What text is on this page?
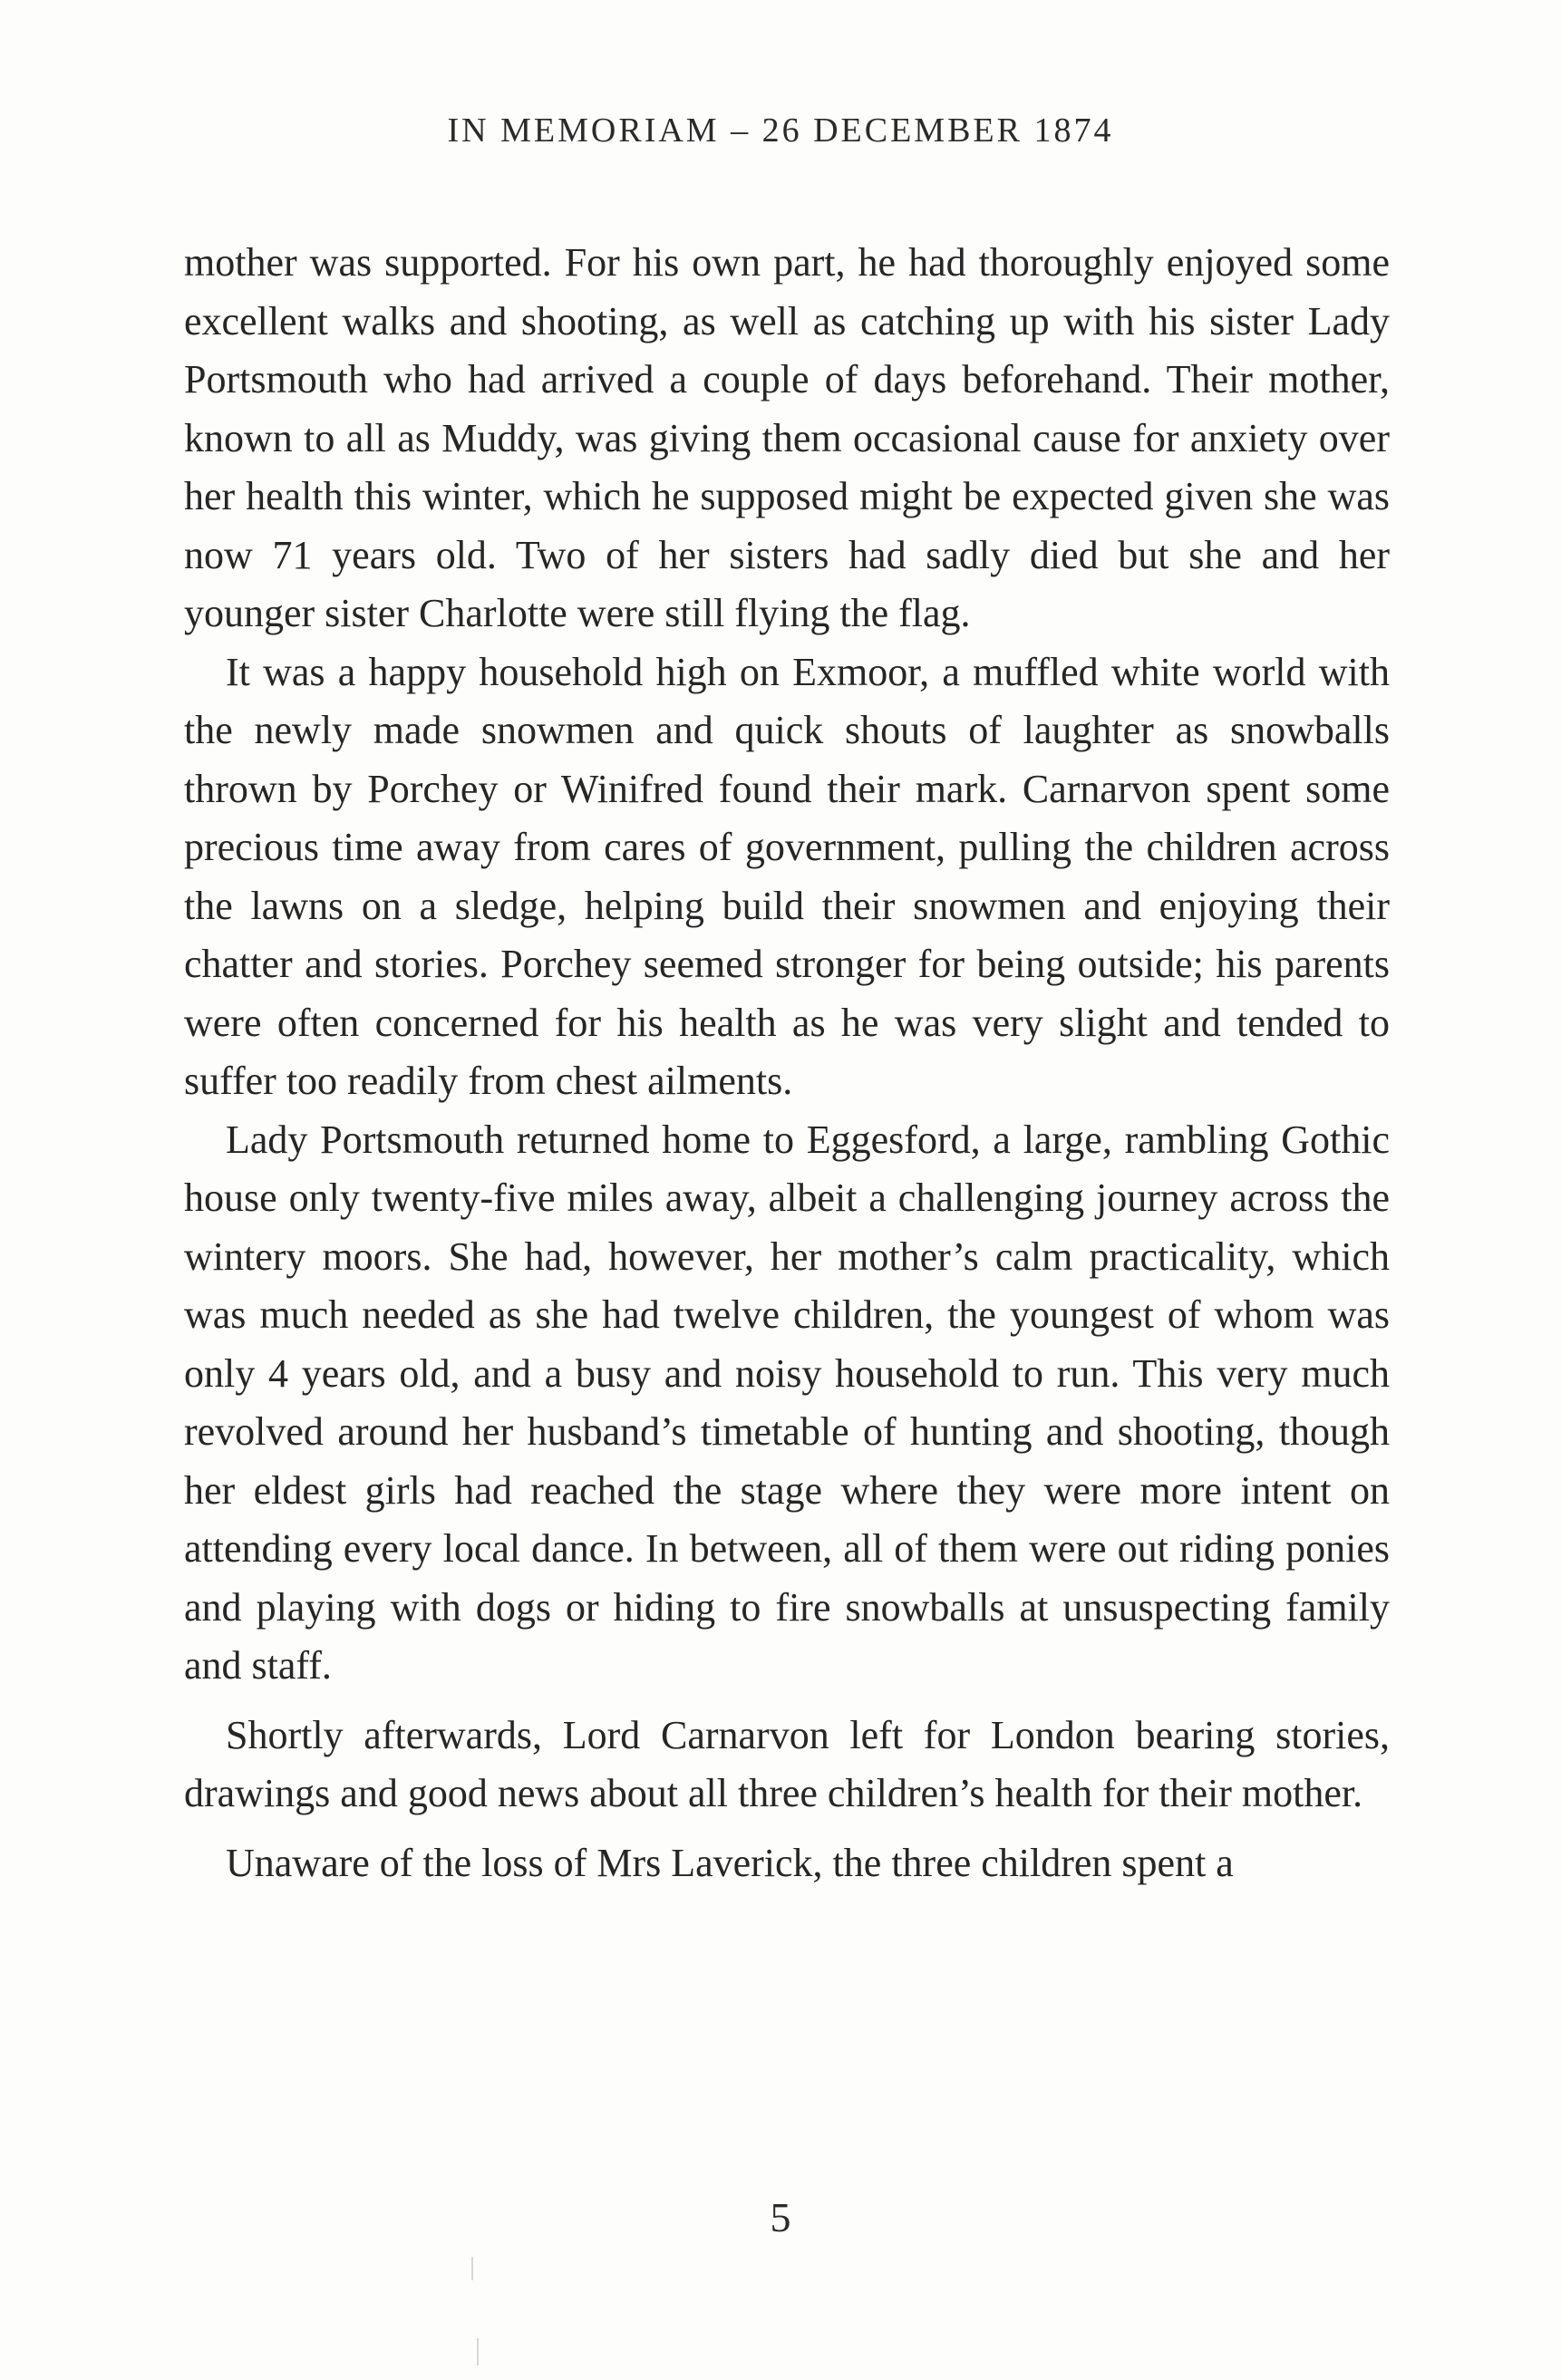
IN MEMORIAM – 26 DECEMBER 1874

mother was supported. For his own part, he had thoroughly enjoyed some excellent walks and shooting, as well as catching up with his sister Lady Portsmouth who had arrived a couple of days beforehand. Their mother, known to all as Muddy, was giving them occasional cause for anxiety over her health this winter, which he supposed might be expected given she was now 71 years old. Two of her sisters had sadly died but she and her younger sister Charlotte were still flying the flag.

It was a happy household high on Exmoor, a muffled white world with the newly made snowmen and quick shouts of laughter as snowballs thrown by Porchey or Winifred found their mark. Carnarvon spent some precious time away from cares of government, pulling the children across the lawns on a sledge, helping build their snowmen and enjoying their chatter and stories. Porchey seemed stronger for being outside; his parents were often concerned for his health as he was very slight and tended to suffer too readily from chest ailments.

Lady Portsmouth returned home to Eggesford, a large, rambling Gothic house only twenty-five miles away, albeit a challenging journey across the wintery moors. She had, however, her mother’s calm practicality, which was much needed as she had twelve children, the youngest of whom was only 4 years old, and a busy and noisy household to run. This very much revolved around her husband’s timetable of hunting and shooting, though her eldest girls had reached the stage where they were more intent on attending every local dance. In between, all of them were out riding ponies and playing with dogs or hiding to fire snowballs at unsuspecting family and staff.

Shortly afterwards, Lord Carnarvon left for London bearing stories, drawings and good news about all three children’s health for their mother.

Unaware of the loss of Mrs Laverick, the three children spent a

5
